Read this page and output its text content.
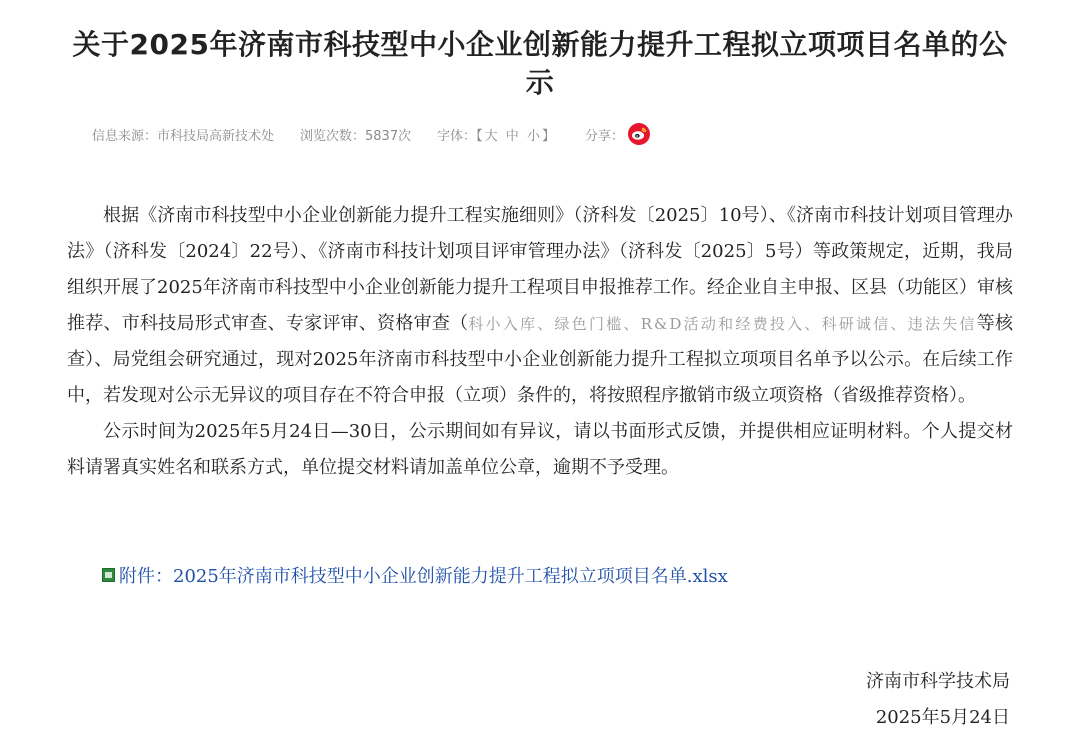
关于2025年济南市科技型中小企业创新能力提升工程拟立项项目名单的公示
信息来源：市科技局高新技术处 浏览次数：5837次 字体：【 大 中 小 】 分享：

根据《济南市科技型中小企业创新能力提升工程实施细则》（济科发〔2025〕10号）、《济南市科技计划项目管理办法》（济科发〔2024〕22号）、《济南市科技计划项目评审管理办法》（济科发〔2025〕5号）等政策规定，近期，我局组织开展了2025年济南市科技型中小企业创新能力提升工程项目申报推荐工作。经企业自主申报、区县（功能区）审核推荐、市科技局形式审查、专家评审、资格审查（科小入库、绿色门槛、R&D活动和经费投入、科研诚信、违法失信等核查）、局党组会研究通过，现对2025年济南市科技型中小企业创新能力提升工程拟立项项目名单予以公示。在后续工作中，若发现对公示无异议的项目存在不符合申报（立项）条件的，将按照程序撤销市级立项资格（省级推荐资格）。

公示时间为2025年5月24日—30日，公示期间如有异议，请以书面形式反馈，并提供相应证明材料。个人提交材料请署真实姓名和联系方式，单位提交材料请加盖单位公章，逾期不予受理。

附件：2025年济南市科技型中小企业创新能力提升工程拟立项项目名单.xlsx
济南市科学技术局
2025年5月24日
